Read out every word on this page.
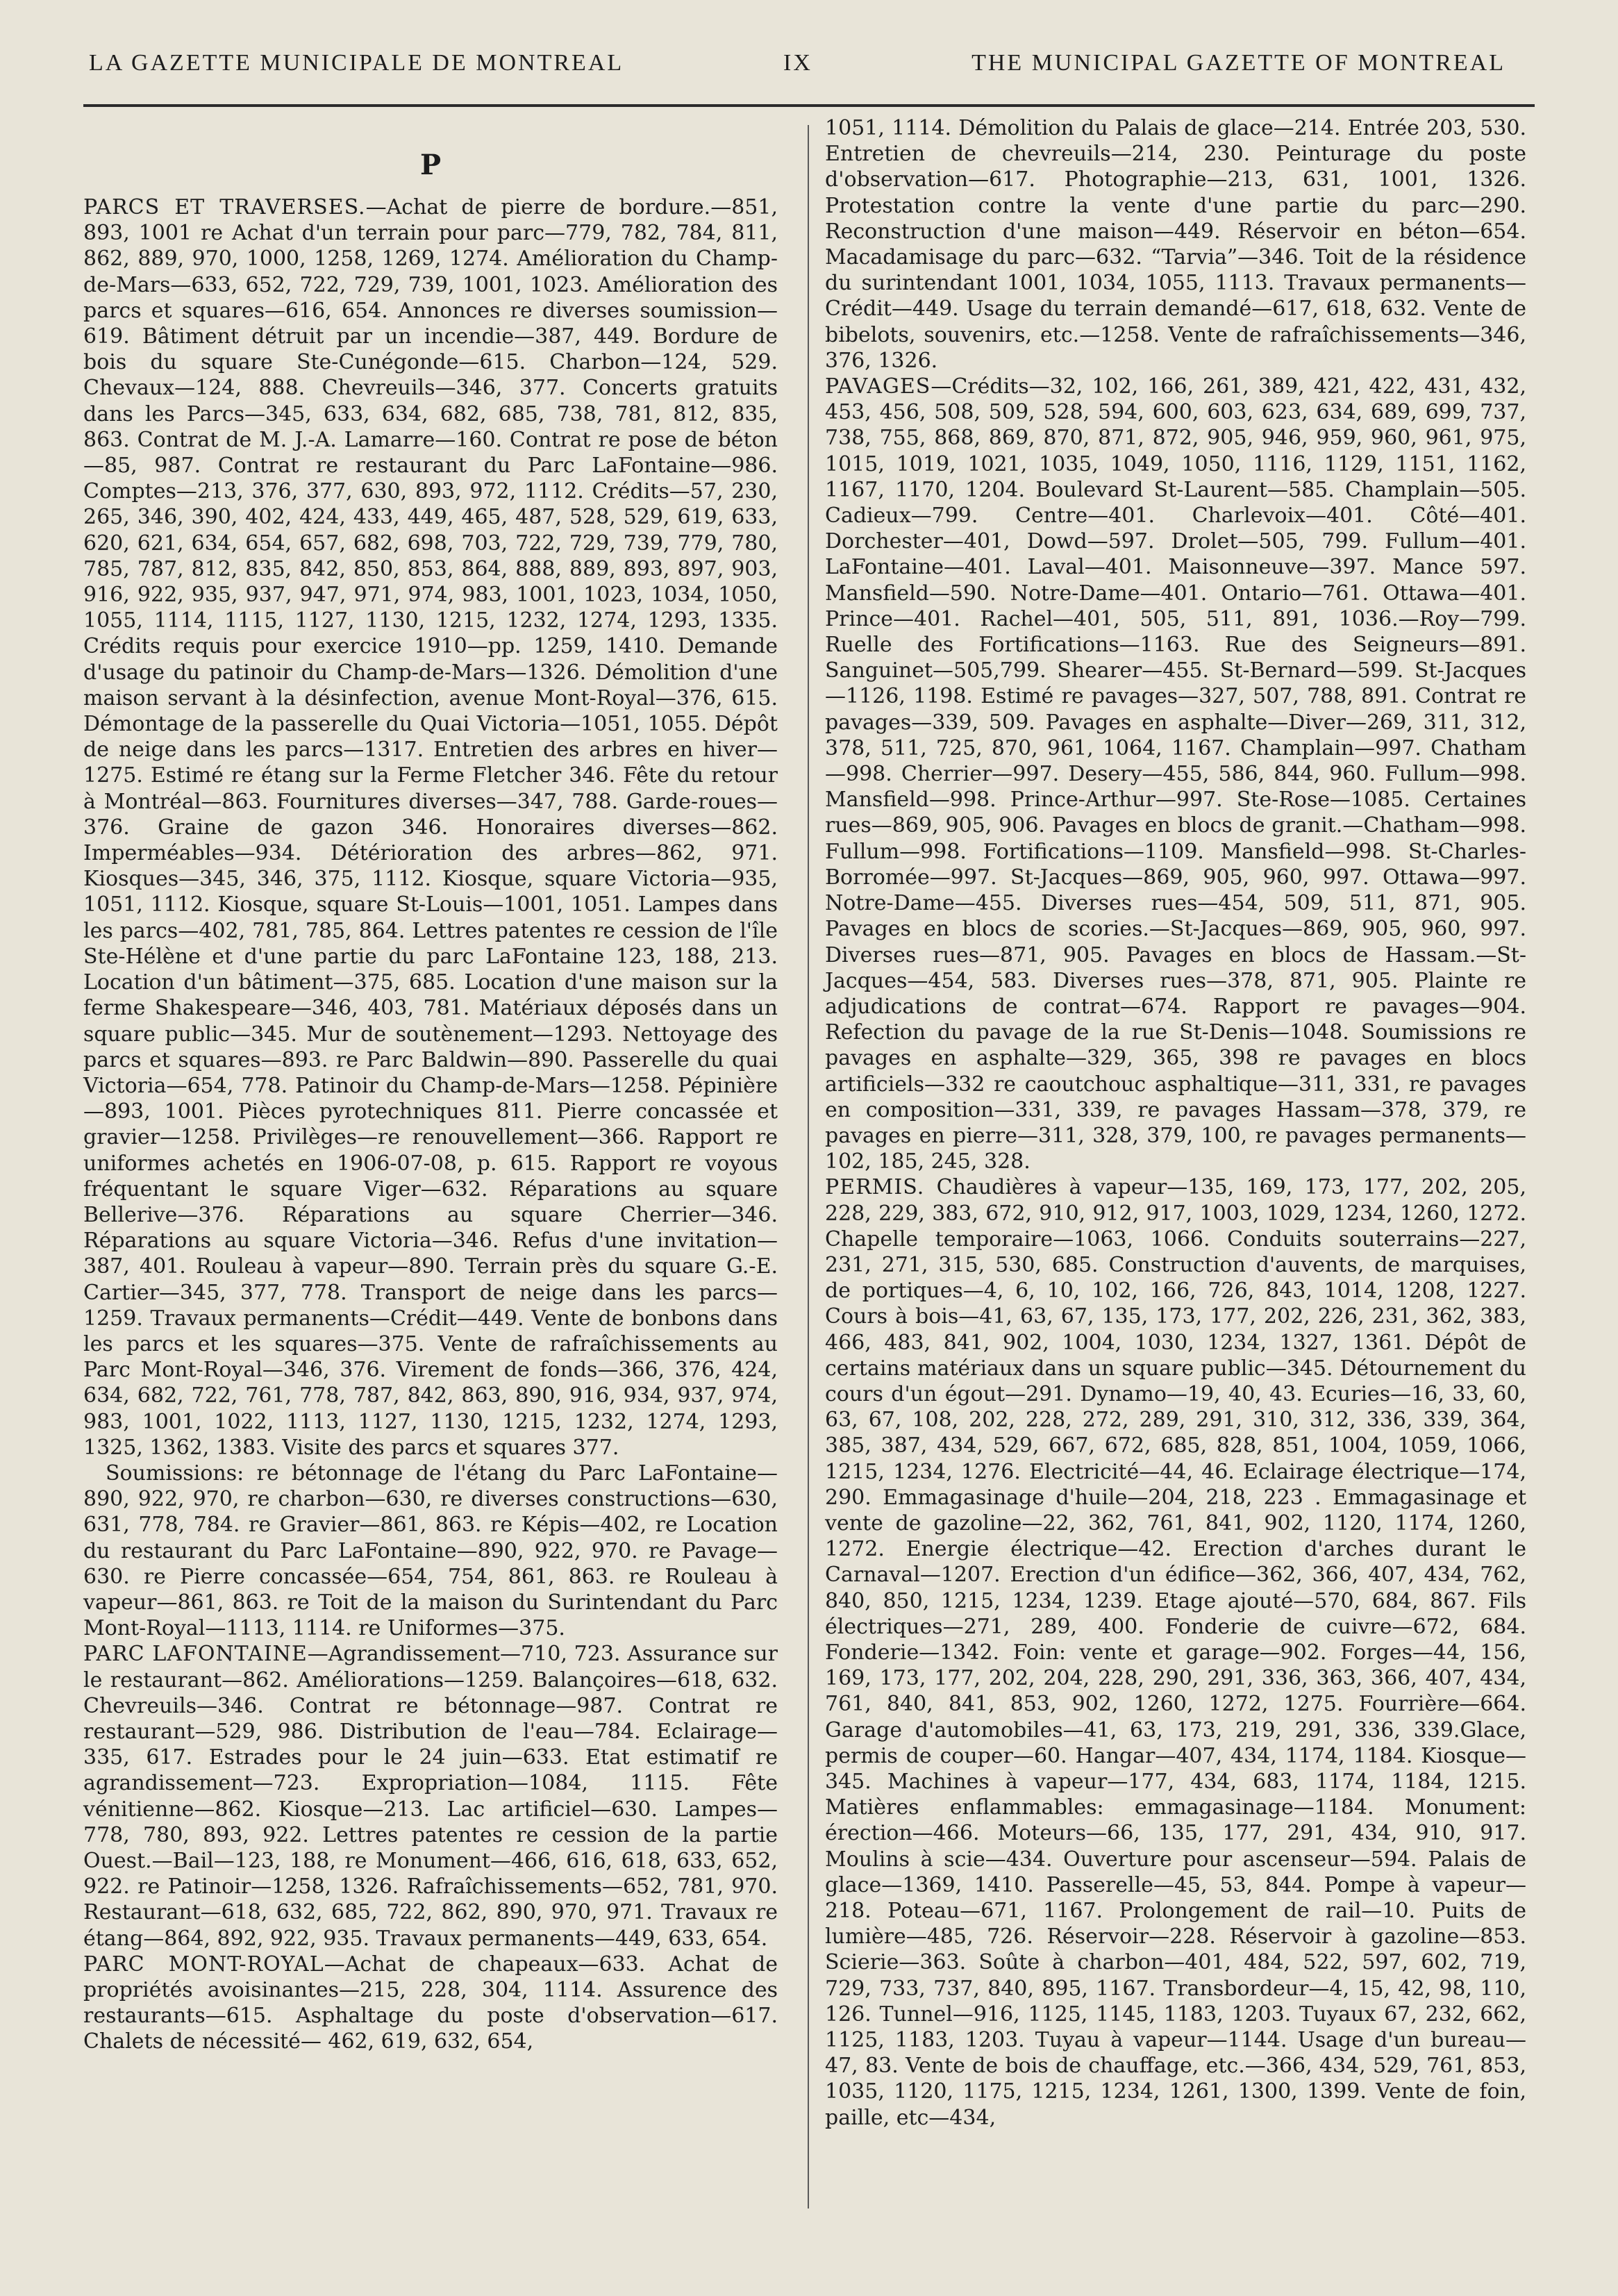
LA GAZETTE MUNICIPALE DE MONTREAL	IX	THE MUNICIPAL GAZETTE OF MONTREAL
P

PARCS ET TRAVERSES.—Achat de pierre de bordure.—851, 893, 1001 re Achat d'un terrain pour parc—779, 782, 784, 811, 862, 889, 970, 1000, 1258, 1269, 1274. Amélioration du Champ-de-Mars—633, 652, 722, 729, 739, 1001, 1023. Amélioration des parcs et squares—616, 654. Annonces re diverses soumission—619. Bâtiment détruit par un incendie—387, 449. Bordure de bois du square Ste-Cunégonde—615. Charbon—124, 529. Chevaux—124, 888. Chevreuils—346, 377. Concerts gratuits dans les Parcs—345, 633, 634, 682, 685, 738, 781, 812, 835, 863. Contrat de M. J.-A. Lamarre—160. Contrat re pose de béton—85, 987. Contrat re restaurant du Parc LaFontaine—986. Comptes—213, 376, 377, 630, 893, 972, 1112. Crédits—57, 230, 265, 346, 390, 402, 424, 433, 449, 465, 487, 528, 529, 619, 633, 620, 621, 634, 654, 657, 682, 698, 703, 722, 729, 739, 779, 780, 785, 787, 812, 835, 842, 850, 853, 864, 888, 889, 893, 897, 903, 916, 922, 935, 937, 947, 971, 974, 983, 1001, 1023, 1034, 1050, 1055, 1114, 1115, 1127, 1130, 1215, 1232, 1274, 1293, 1335. Crédits requis pour exercice 1910—pp. 1259, 1410. Demande d'usage du patinoir du Champ-de-Mars—1326. Démolition d'une maison servant à la désinfection, avenue Mont-Royal—376, 615. Démontage de la passerelle du Quai Victoria—1051, 1055. Dépôt de neige dans les parcs—1317. Entretien des arbres en hiver—1275. Estimé re étang sur la Ferme Fletcher 346. Fête du retour à Montréal—863. Fournitures diverses—347, 788. Garde-roues—376. Graine de gazon 346. Honoraires diverses—862. Imperméables—934. Détérioration des arbres—862, 971. Kiosques—345, 346, 375, 1112. Kiosque, square Victoria—935, 1051, 1112. Kiosque, square St-Louis—1001, 1051. Lampes dans les parcs—402, 781, 785, 864. Lettres patentes re cession de l'île Ste-Hélène et d'une partie du parc LaFontaine 123, 188, 213. Location d'un bâtiment—375, 685. Location d'une maison sur la ferme Shakespeare—346, 403, 781. Matériaux déposés dans un square public—345. Mur de soutènement—1293. Nettoyage des parcs et squares—893. re Parc Baldwin—890. Passerelle du quai Victoria—654, 778. Patinoir du Champ-de-Mars—1258. Pépinière—893, 1001. Pièces pyrotechniques 811. Pierre concassée et gravier—1258. Privilèges—re renouvellement—366. Rapport re uniformes achetés en 1906-07-08, p. 615. Rapport re voyous fréquentant le square Viger—632. Réparations au square Bellerive—376. Réparations au square Cherrier—346. Réparations au square Victoria—346. Refus d'une invitation—387, 401. Rouleau à vapeur—890. Terrain près du square G.-E. Cartier—345, 377, 778. Transport de neige dans les parcs—1259. Travaux permanents—Crédit—449. Vente de bonbons dans les parcs et les squares—375. Vente de rafraîchissements au Parc Mont-Royal—346, 376. Virement de fonds—366, 376, 424, 634, 682, 722, 761, 778, 787, 842, 863, 890, 916, 934, 937, 974, 983, 1001, 1022, 1113, 1127, 1130, 1215, 1232, 1274, 1293, 1325, 1362, 1383. Visite des parcs et squares 377.

Soumissions: re bétonnage de l'étang du Parc LaFontaine—890, 922, 970, re charbon—630, re diverses constructions—630, 631, 778, 784. re Gravier—861, 863. re Képis—402, re Location du restaurant du Parc LaFontaine—890, 922, 970. re Pavage—630. re Pierre concassée—654, 754, 861, 863. re Rouleau à vapeur—861, 863. re Toit de la maison du Surintendant du Parc Mont-Royal—1113, 1114. re Uniformes—375.

PARC LAFONTAINE—Agrandissement—710, 723. Assurance sur le restaurant—862. Améliorations—1259. Balançoires—618, 632. Chevreuils—346. Contrat re bétonnage—987. Contrat re restaurant—529, 986. Distribution de l'eau—784. Eclairage—335, 617. Estrades pour le 24 juin—633. Etat estimatif re agrandissement—723. Expropriation—1084, 1115. Fête vénitienne—862. Kiosque—213. Lac artificiel—630. Lampes—778, 780, 893, 922. Lettres patentes re cession de la partie Ouest.—Bail—123, 188, re Monument—466, 616, 618, 633, 652, 922. re Patinoir—1258, 1326. Rafraîchissements—652, 781, 970. Restaurant—618, 632, 685, 722, 862, 890, 970, 971. Travaux re étang—864, 892, 922, 935. Travaux permanents—449, 633, 654.

PARC MONT-ROYAL—Achat de chapeaux—633. Achat de propriétés avoisinantes—215, 228, 304, 1114. Assurence des restaurants—615. Asphaltage du poste d'observation—617. Chalets de nécessité— 462, 619, 632, 654,

1051, 1114. Démolition du Palais de glace—214. Entrée 203, 530. Entretien de chevreuils—214, 230. Peinturage du poste d'observation—617. Photographie—213, 631, 1001, 1326. Protestation contre la vente d'une partie du parc—290. Reconstruction d'une maison—449. Réservoir en béton—654. Macadamisage du parc—632. “Tarvia”—346. Toit de la résidence du surintendant 1001, 1034, 1055, 1113. Travaux permanents—Crédit—449. Usage du terrain demandé—617, 618, 632. Vente de bibelots, souvenirs, etc.—1258. Vente de rafraîchissements—346, 376, 1326.

PAVAGES—Crédits—32, 102, 166, 261, 389, 421, 422, 431, 432, 453, 456, 508, 509, 528, 594, 600, 603, 623, 634, 689, 699, 737, 738, 755, 868, 869, 870, 871, 872, 905, 946, 959, 960, 961, 975, 1015, 1019, 1021, 1035, 1049, 1050, 1116, 1129, 1151, 1162, 1167, 1170, 1204. Boulevard St-Laurent—585. Champlain—505. Cadieux—799. Centre—401. Charlevoix—401. Côté—401. Dorchester—401, Dowd—597. Drolet—505, 799. Fullum—401. LaFontaine—401. Laval—401. Maisonneuve—397. Mance 597. Mansfield—590. Notre-Dame—401. Ontario—761. Ottawa—401. Prince—401. Rachel—401, 505, 511, 891, 1036.—Roy—799. Ruelle des Fortifications—1163. Rue des Seigneurs—891. Sanguinet—505,799. Shearer—455. St-Bernard—599. St-Jacques—1126, 1198. Estimé re pavages—327, 507, 788, 891. Contrat re pavages—339, 509. Pavages en asphalte—Diver—269, 311, 312, 378, 511, 725, 870, 961, 1064, 1167. Champlain—997. Chatham—998. Cherrier—997. Desery—455, 586, 844, 960. Fullum—998. Mansfield—998. Prince-Arthur—997. Ste-Rose—1085. Certaines rues—869, 905, 906. Pavages en blocs de granit.—Chatham—998. Fullum—998. Fortifications—1109. Mansfield—998. St-Charles-Borromée—997. St-Jacques—869, 905, 960, 997. Ottawa—997. Notre-Dame—455. Diverses rues—454, 509, 511, 871, 905. Pavages en blocs de scories.—St-Jacques—869, 905, 960, 997. Diverses rues—871, 905. Pavages en blocs de Hassam.—St-Jacques—454, 583. Diverses rues—378, 871, 905. Plainte re adjudications de contrat—674. Rapport re pavages—904. Refection du pavage de la rue St-Denis—1048. Soumissions re pavages en asphalte—329, 365, 398 re pavages en blocs artificiels—332 re caoutchouc asphaltique—311, 331, re pavages en composition—331, 339, re pavages Hassam—378, 379, re pavages en pierre—311, 328, 379, 100, re pavages permanents—102, 185, 245, 328.

PERMIS. Chaudières à vapeur—135, 169, 173, 177, 202, 205, 228, 229, 383, 672, 910, 912, 917, 1003, 1029, 1234, 1260, 1272. Chapelle temporaire—1063, 1066. Conduits souterrains—227, 231, 271, 315, 530, 685. Construction d'auvents, de marquises, de portiques—4, 6, 10, 102, 166, 726, 843, 1014, 1208, 1227. Cours à bois—41, 63, 67, 135, 173, 177, 202, 226, 231, 362, 383, 466, 483, 841, 902, 1004, 1030, 1234, 1327, 1361. Dépôt de certains matériaux dans un square public—345. Détournement du cours d'un égout—291. Dynamo—19, 40, 43. Ecuries—16, 33, 60, 63, 67, 108, 202, 228, 272, 289, 291, 310, 312, 336, 339, 364, 385, 387, 434, 529, 667, 672, 685, 828, 851, 1004, 1059, 1066, 1215, 1234, 1276. Electricité—44, 46. Eclairage électrique—174, 290. Emmagasinage d'huile—204, 218, 223 . Emmagasinage et vente de gazoline—22, 362, 761, 841, 902, 1120, 1174, 1260, 1272. Energie électrique—42. Erection d'arches durant le Carnaval—1207. Erection d'un édifice—362, 366, 407, 434, 762, 840, 850, 1215, 1234, 1239. Etage ajouté—570, 684, 867. Fils électriques—271, 289, 400. Fonderie de cuivre—672, 684. Fonderie—1342. Foin: vente et garage—902. Forges—44, 156, 169, 173, 177, 202, 204, 228, 290, 291, 336, 363, 366, 407, 434, 761, 840, 841, 853, 902, 1260, 1272, 1275. Fourrière—664. Garage d'automobiles—41, 63, 173, 219, 291, 336, 339.Glace, permis de couper—60. Hangar—407, 434, 1174, 1184. Kiosque—345. Machines à vapeur—177, 434, 683, 1174, 1184, 1215. Matières enflammables: emmagasinage—1184. Monument: érection—466. Moteurs—66, 135, 177, 291, 434, 910, 917. Moulins à scie—434. Ouverture pour ascenseur—594. Palais de glace—1369, 1410. Passerelle—45, 53, 844. Pompe à vapeur—218. Poteau—671, 1167. Prolongement de rail—10. Puits de lumière—485, 726. Réservoir—228. Réservoir à gazoline—853. Scierie—363. Soûte à charbon—401, 484, 522, 597, 602, 719, 729, 733, 737, 840, 895, 1167. Transbordeur—4, 15, 42, 98, 110, 126. Tunnel—916, 1125, 1145, 1183, 1203. Tuyaux 67, 232, 662, 1125, 1183, 1203. Tuyau à vapeur—1144. Usage d'un bureau—47, 83. Vente de bois de chauffage, etc.—366, 434, 529, 761, 853, 1035, 1120, 1175, 1215, 1234, 1261, 1300, 1399. Vente de foin, paille, etc—434,
